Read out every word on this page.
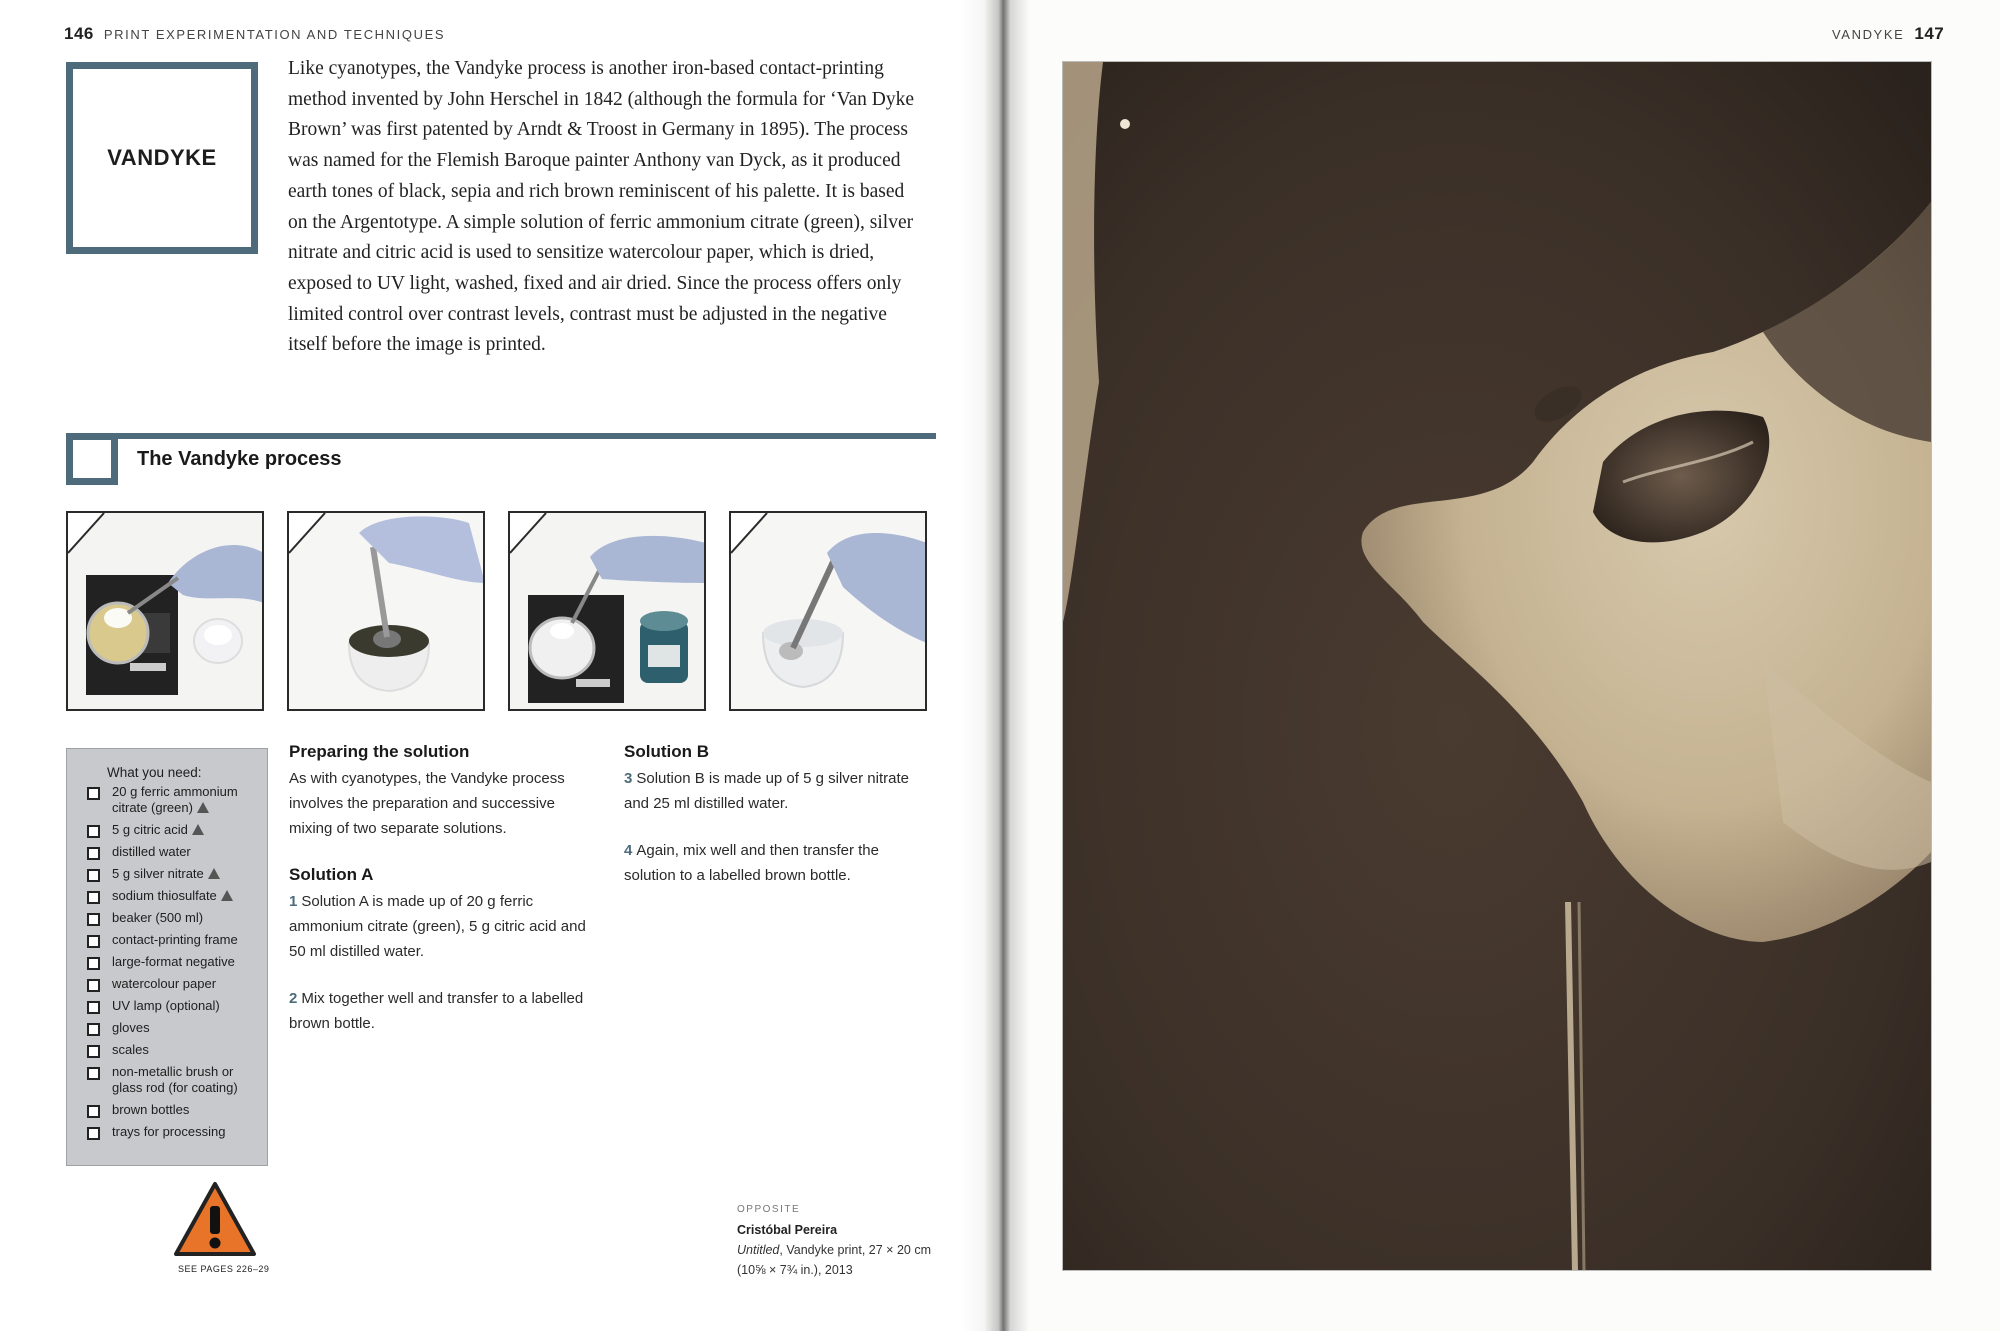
146 PRINT EXPERIMENTATION AND TECHNIQUES
VANDYKE

Like cyanotypes, the Vandyke process is another iron-based contact-printing method invented by John Herschel in 1842 (although the formula for ‘Van Dyke Brown’ was first patented by Arndt & Troost in Germany in 1895). The process was named for the Flemish Baroque painter Anthony van Dyck, as it produced earth tones of black, sepia and rich brown reminiscent of his palette. It is based on the Argentotype. A simple solution of ferric ammonium citrate (green), silver nitrate and citric acid is used to sensitize watercolour paper, which is dried, exposed to UV light, washed, fixed and air dried. Since the process offers only limited control over contrast levels, contrast must be adjusted in the negative itself before the image is printed.

The Vandyke process
What you need:
20 g ferric ammonium citrate (green)
5 g citric acid
distilled water
5 g silver nitrate
sodium thiosulfate
beaker (500 ml)
contact-printing frame
large-format negative
watercolour paper
UV lamp (optional)
gloves
scales
non-metallic brush or glass rod (for coating)
brown bottles
trays for processing
SEE PAGES 226–29
Preparing the solution

As with cyanotypes, the Vandyke process involves the preparation and successive mixing of two separate solutions.

Solution A

1 Solution A is made up of 20 g ferric ammonium citrate (green), 5 g citric acid and 50 ml distilled water.

2 Mix together well and transfer to a labelled brown bottle.

Solution B

3 Solution B is made up of 5 g silver nitrate and 25 ml distilled water.

4 Again, mix well and then transfer the solution to a labelled brown bottle.

OPPOSITE
Cristóbal Pereira
Untitled, Vandyke print, 27 × 20 cm
(10⅝ × 7¾ in.), 2013
VANDYKE 147
